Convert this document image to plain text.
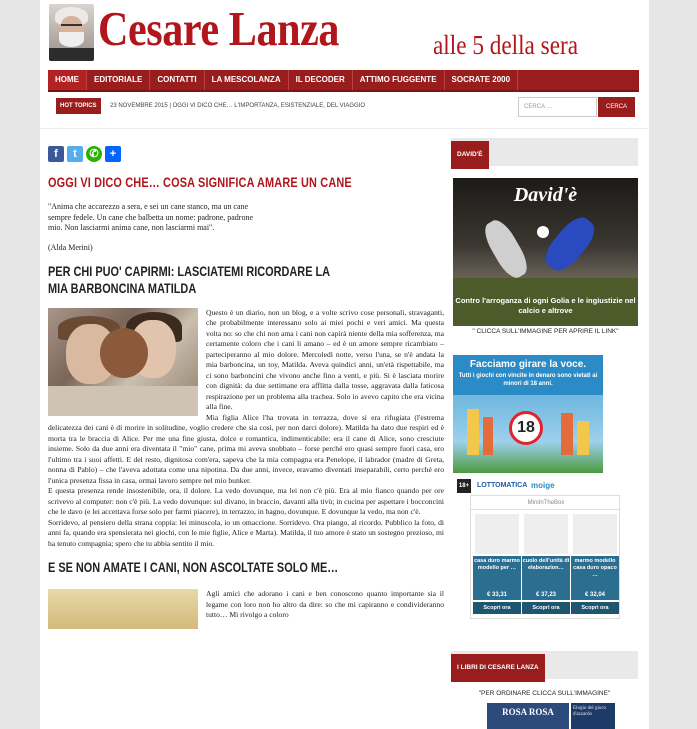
Cesare Lanza	alle 5 della sera
HOME	EDITORIALE	CONTATTI	LA MESCOLANZA	IL DECODER	ATTIMO FUGGENTE	SOCRATE 2000
HOT TOPICS	23 NOVEMBRE 2015 | OGGI VI DICO CHE… L'IMPORTANZA, ESISTENZIALE, DEL VIAGGIO	CERCA …	CERCA
f	t	✆	+
OGGI VI DICO CHE… COSA SIGNIFICA AMARE UN CANE
"Anima che accarezzo a sera, e sei un cane stanco, ma un cane sempre fedele. Un cane che balbetta un nome: padrone, padrone mio. Non lasciarmi anima cane, non lasciarmi mai".
(Alda Merini)
PER CHI PUO' CAPIRMI: LASCIATEMI RICORDARE LA MIA BARBONCINA MATILDA

Questo è un diario, non un blog, e a volte scrivo cose personali, stravaganti, che probabilmente interessano solo ai miei pochi e veri amici. Ma questa volta no: so che chi non ama i cani non capirà niente della mia sofferenza, ma certamente coloro che i cani li amano – ed è un amore sempre ricambiato – parteciperanno al mio dolore. Mercoledì notte, verso l'una, se n'è andata la mia barboncina, un toy, Matilda. Aveva quindici anni, un'età rispettabile, ma ci sono barboncini che vivono anche fino a venti, e più. Si è lasciata morire con dignità: da due settimane era afflitta dalla tosse, aggravata dalla faticosa respirazione per un problema alla trachea. Solo io avevo capito che era vicina alla fine.

Mia figlia Alice l'ha trovata in terrazza, dove si era rifugiata (l'estrema delicatezza dei cani è di morire in solitudine, voglio credere che sia così, per non darci dolore). Matilda ha dato due respiri ed è morta tra le braccia di Alice. Per me una fine giusta, dolce e romantica, indimenticabile: era il cane di Alice, sono cresciute insieme. Solo da due anni era diventata il "mio" cane, prima mi aveva snobbato – forse perché ero quasi sempre fuori casa, ero l'ultimo tra i suoi affetti. E del resto, dignitosa com'era, sapeva che la mia compagna era Penelope, il labrador (madre di Greta, nonna di Pablo) – che l'aveva adottata come una nipotina. Da due anni, invece, eravamo diventati inseparabili, certo perché ero l'unica presenza fissa in casa, ormai lavoro sempre nel mio bunker.

E questa presenza rende insostenibile, ora, il dolore. La vedo dovunque, ma lei non c'è più. Era al mio fianco quando per ore scrivevo al computer: non c'è più. La vedo dovunque: sul divano, in braccio, davanti alla tivù; in cucina per aspettare i bocconcini che le davo (e lei accettava forse solo per farmi piacere), in terrazzo, in bagno, dovunque. E dovunque la vedo, ma non c'è.

Sorridevo, al pensiero della strana coppia: lei minuscola, io un omaccione. Sorridevo. Ora piango, al ricordo. Pubblico la foto, di anni fa, quando era spensierata nei giochi, con le mie figlie, Alice e Marta). Matilda, il tuo amore è stato un sostegno prezioso, mi ha tenuto compagnia; spero che tu abbia sentito il mio.

E SE NON AMATE I CANI, NON ASCOLTATE SOLO ME…

Agli amici che adorano i cani e ben conoscono quanto importante sia il legame con loro non ho altro da dire: so che mi capiranno e condivideranno tutto… Mi rivolgo a coloro

DAVID'È
David'è
Contro l'arroganza di ogni Golia e le ingiustizie nel calcio e altrove
" CLICCA SULL'IMMAGINE PER APRIRE IL LINK"
Facciamo girare la voce.
Tutti i giochi con vincite in denaro sono vietati ai minori di 18 anni.
18
18+ LOTTOMATICA moige
MiniInTheBox
casa duro marmo modello per …
€ 33,31
Scopri ora
cuolo dell'unità di elaborazion…
€ 37,23
Scopri ora
marmo modello casa duro opaco …
€ 32,04
Scopri ora
I LIBRI DI CESARE LANZA
"PER ORDINARE CLICCA SULL'IMMAGINE"
ROSA ROSA	Elogio del gioco d'azzardo
